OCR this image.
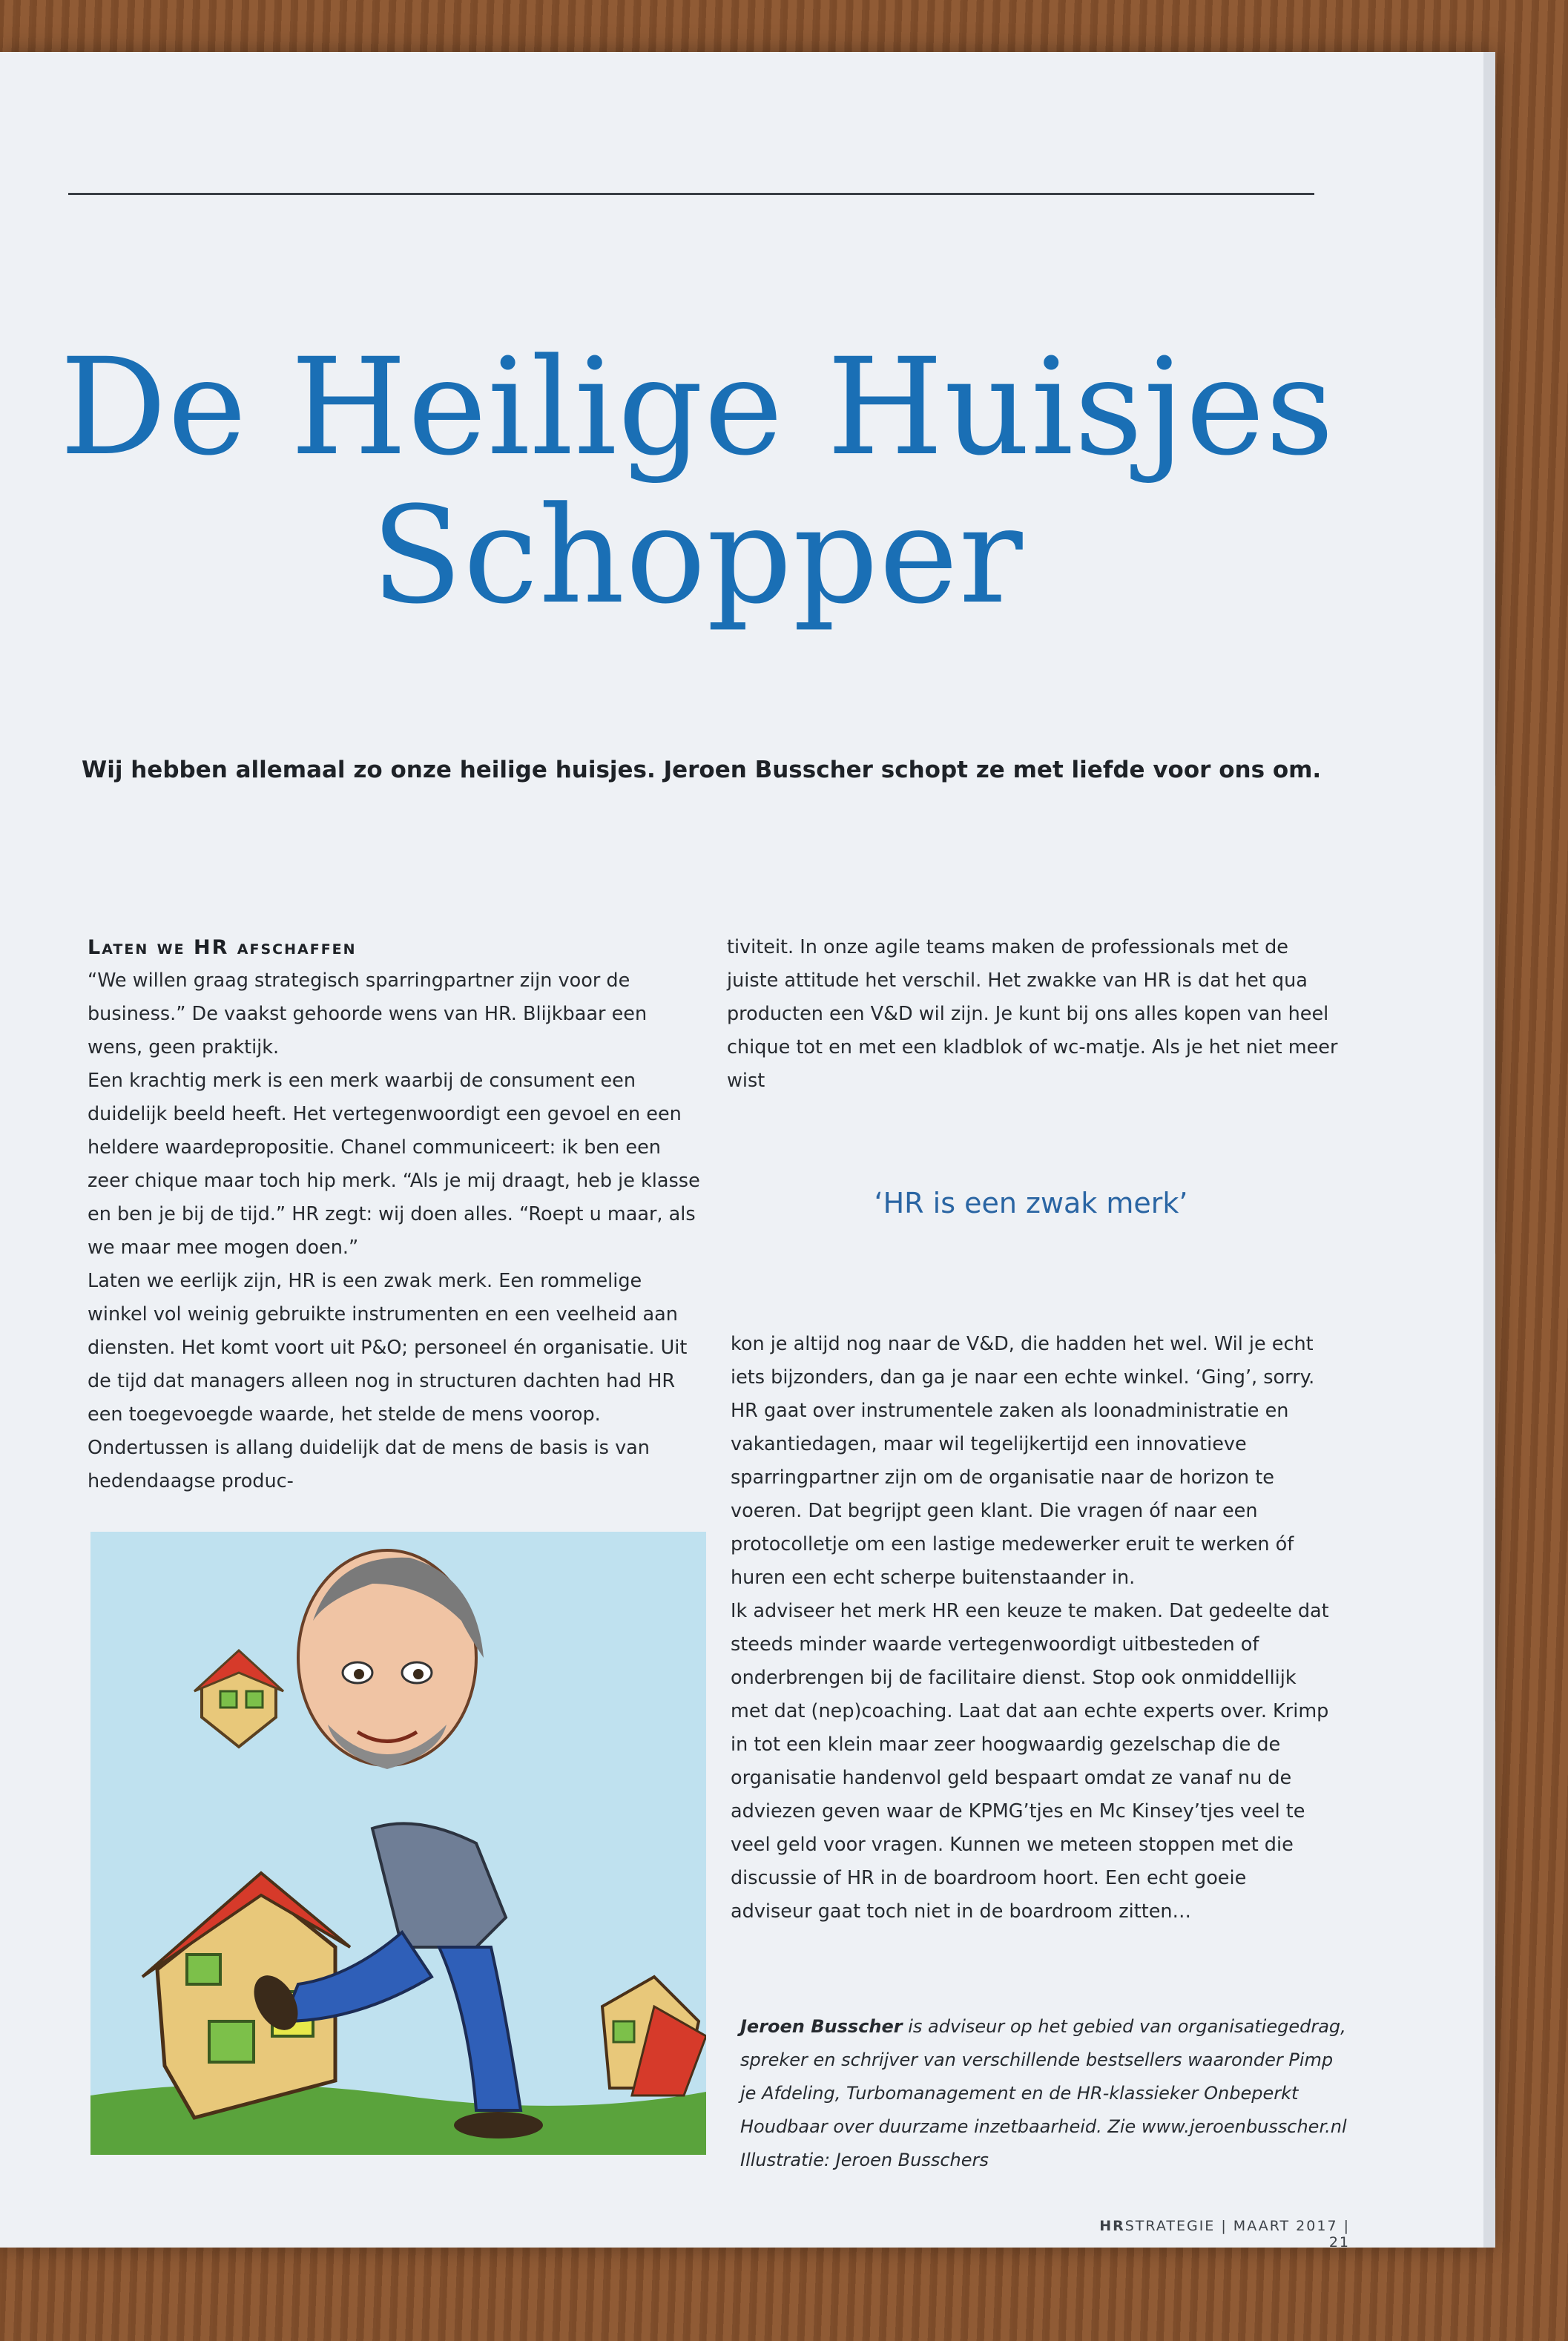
De Heilige Huisjes
Schopper
Wij hebben allemaal zo onze heilige huisjes. Jeroen Busscher schopt ze met liefde voor ons om.

Laten we HR afschaffen

“We willen graag strategisch sparringpartner zijn voor de business.” De vaakst gehoorde wens van HR. Blijkbaar een wens, geen praktijk.

Een krachtig merk is een merk waarbij de consument een duidelijk beeld heeft. Het vertegenwoordigt een gevoel en een heldere waardepropositie. Chanel communiceert: ik ben een zeer chique maar toch hip merk. “Als je mij draagt, heb je klasse en ben je bij de tijd.” HR zegt: wij doen alles. “Roept u maar, als we maar mee mogen doen.”

Laten we eerlijk zijn, HR is een zwak merk. Een rommelige winkel vol weinig gebruikte instrumenten en een veelheid aan diensten. Het komt voort uit P&O; personeel én organisatie. Uit de tijd dat managers alleen nog in structuren dachten had HR een toegevoegde waarde, het stelde de mens voorop. Ondertussen is allang duidelijk dat de mens de basis is van hedendaagse produc-

tiviteit. In onze agile teams maken de professionals met de juiste attitude het verschil. Het zwakke van HR is dat het qua producten een V&D wil zijn. Je kunt bij ons alles kopen van heel chique tot en met een kladblok of wc-matje. Als je het niet meer wist

‘HR is een zwak merk’

kon je altijd nog naar de V&D, die hadden het wel. Wil je echt iets bijzonders, dan ga je naar een echte winkel. ‘Ging’, sorry. HR gaat over instrumentele zaken als loonadministratie en vakantiedagen, maar wil tegelijkertijd een innovatieve sparringpartner zijn om de organisatie naar de horizon te voeren. Dat begrijpt geen klant. Die vragen óf naar een protocolletje om een lastige medewerker eruit te werken óf huren een echt scherpe buitenstaander in.

Ik adviseer het merk HR een keuze te maken. Dat gedeelte dat steeds minder waarde vertegenwoordigt uitbesteden of onderbrengen bij de facilitaire dienst. Stop ook onmiddellijk met dat (nep)coaching. Laat dat aan echte experts over. Krimp in tot een klein maar zeer hoogwaardig gezelschap die de organisatie handenvol geld bespaart omdat ze vanaf nu de adviezen geven waar de KPMG’tjes en Mc Kinsey’tjes veel te veel geld voor vragen. Kunnen we meteen stoppen met die discussie of HR in de boardroom hoort. Een echt goeie adviseur gaat toch niet in de boardroom zitten…

Jeroen Busscher is adviseur op het gebied van organisatiegedrag, spreker en schrijver van verschillende bestsellers waaronder Pimp je Afdeling, Turbomanagement en de HR-klassieker Onbeperkt Houdbaar over duurzame inzetbaarheid. Zie www.jeroenbusscher.nl
Illustratie: Jeroen Busschers
HRSTRATEGIE | MAART 2017 | 21
